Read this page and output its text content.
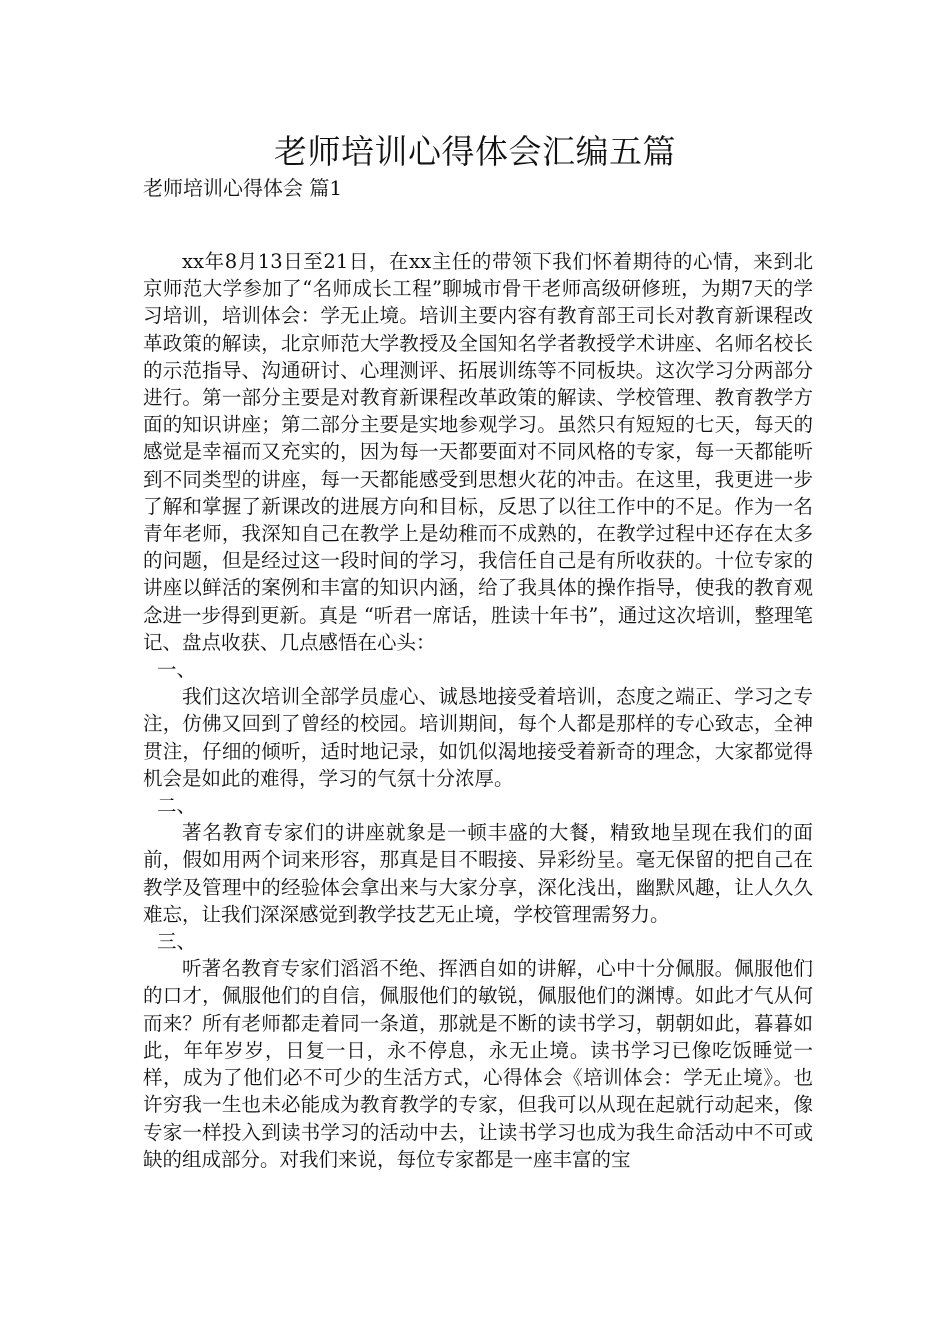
老师培训心得体会汇编五篇

老师培训心得体会 篇1

xx年8月13日至21日，在xx主任的带领下我们怀着期待的心情，来到北京师范大学参加了“名师成长工程”聊城市骨干老师高级研修班，为期7天的学习培训，培训体会：学无止境。培训主要内容有教育部王司长对教育新课程改革政策的解读，北京师范大学教授及全国知名学者教授学术讲座、名师名校长的示范指导、沟通研讨、心理测评、拓展训练等不同板块。这次学习分两部分进行。第一部分主要是对教育新课程改革政策的解读、学校管理、教育教学方面的知识讲座；第二部分主要是实地参观学习。虽然只有短短的七天，每天的感觉是幸福而又充实的，因为每一天都要面对不同风格的专家，每一天都能听到不同类型的讲座，每一天都能感受到思想火花的冲击。在这里，我更进一步了解和掌握了新课改的进展方向和目标，反思了以往工作中的不足。作为一名青年老师，我深知自己在教学上是幼稚而不成熟的，在教学过程中还存在太多的问题，但是经过这一段时间的学习，我信任自己是有所收获的。十位专家的讲座以鲜活的案例和丰富的知识内涵，给了我具体的操作指导，使我的教育观念进一步得到更新。真是 “听君一席话，胜读十年书”，通过这次培训，整理笔记、盘点收获、几点感悟在心头：

一、

我们这次培训全部学员虚心、诚恳地接受着培训，态度之端正、学习之专注，仿佛又回到了曾经的校园。培训期间，每个人都是那样的专心致志，全神贯注，仔细的倾听，适时地记录，如饥似渴地接受着新奇的理念，大家都觉得机会是如此的难得，学习的气氛十分浓厚。

二、

著名教育专家们的讲座就象是一顿丰盛的大餐，精致地呈现在我们的面前，假如用两个词来形容，那真是目不暇接、异彩纷呈。毫无保留的把自己在教学及管理中的经验体会拿出来与大家分享，深化浅出，幽默风趣，让人久久难忘，让我们深深感觉到教学技艺无止境，学校管理需努力。

三、

听著名教育专家们滔滔不绝、挥洒自如的讲解，心中十分佩服。佩服他们的口才，佩服他们的自信，佩服他们的敏锐，佩服他们的渊博。如此才气从何而来？所有老师都走着同一条道，那就是不断的读书学习，朝朝如此，暮暮如此，年年岁岁，日复一日，永不停息，永无止境。读书学习已像吃饭睡觉一样，成为了他们必不可少的生活方式，心得体会《培训体会：学无止境》。也许穷我一生也未必能成为教育教学的专家，但我可以从现在起就行动起来，像专家一样投入到读书学习的活动中去，让读书学习也成为我生命活动中不可或缺的组成部分。对我们来说，每位专家都是一座丰富的宝
